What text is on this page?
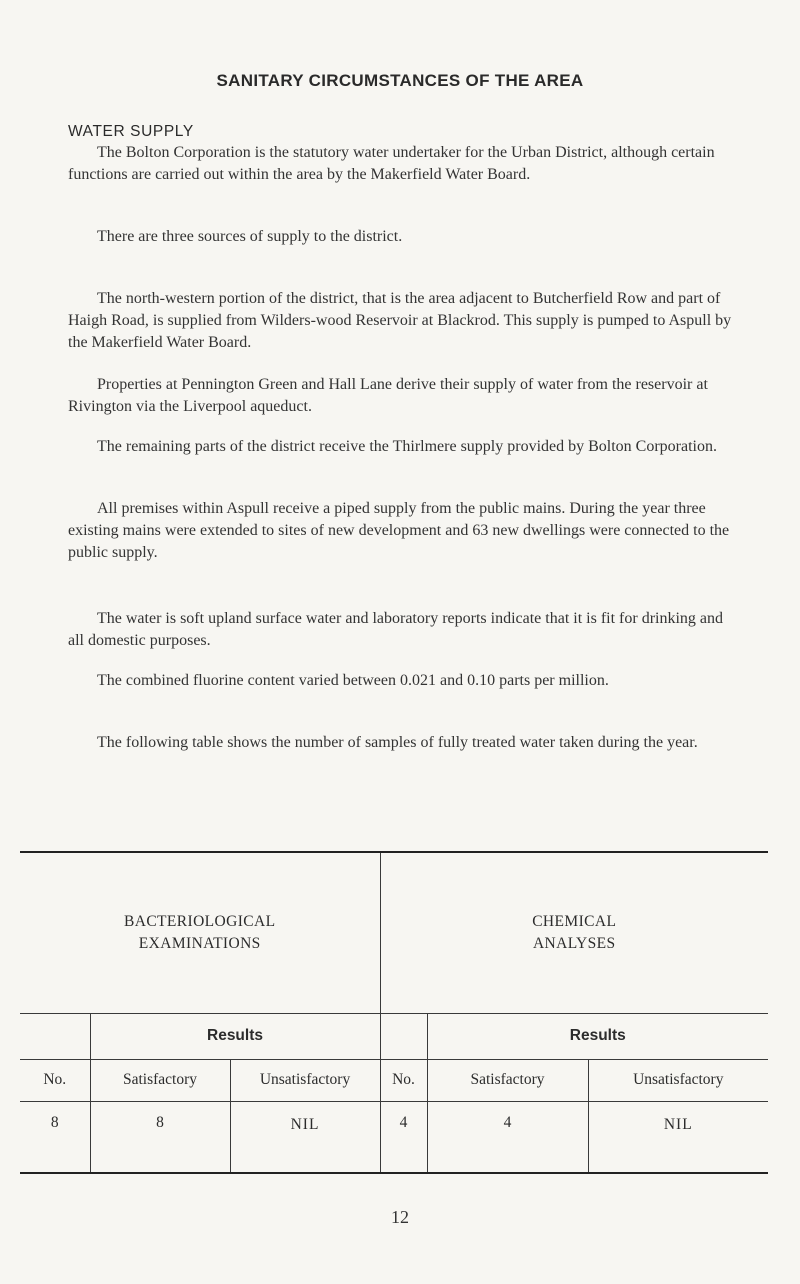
SANITARY CIRCUMSTANCES OF THE AREA
WATER SUPPLY

The Bolton Corporation is the statutory water undertaker for the Urban District, although certain functions are carried out within the area by the Makerfield Water Board.

There are three sources of supply to the district.

The north-western portion of the district, that is the area adjacent to Butcherfield Row and part of Haigh Road, is supplied from Wilders-wood Reservoir at Blackrod. This supply is pumped to Aspull by the Makerfield Water Board.

Properties at Pennington Green and Hall Lane derive their supply of water from the reservoir at Rivington via the Liverpool aqueduct.

The remaining parts of the district receive the Thirlmere supply provided by Bolton Corporation.

All premises within Aspull receive a piped supply from the public mains. During the year three existing mains were extended to sites of new development and 63 new dwellings were connected to the public supply.

The water is soft upland surface water and laboratory reports indicate that it is fit for drinking and all domestic purposes.

The combined fluorine content varied between 0.021 and 0.10 parts per million.

The following table shows the number of samples of fully treated water taken during the year.

BACTERIOLOGICAL
EXAMINATIONS			CHEMICAL
ANALYSES		
	Results			Results	
No.	Satisfactory	Unsatisfactory	No.	Satisfactory	Unsatisfactory
8	8	NIL	4	4	NIL
12
